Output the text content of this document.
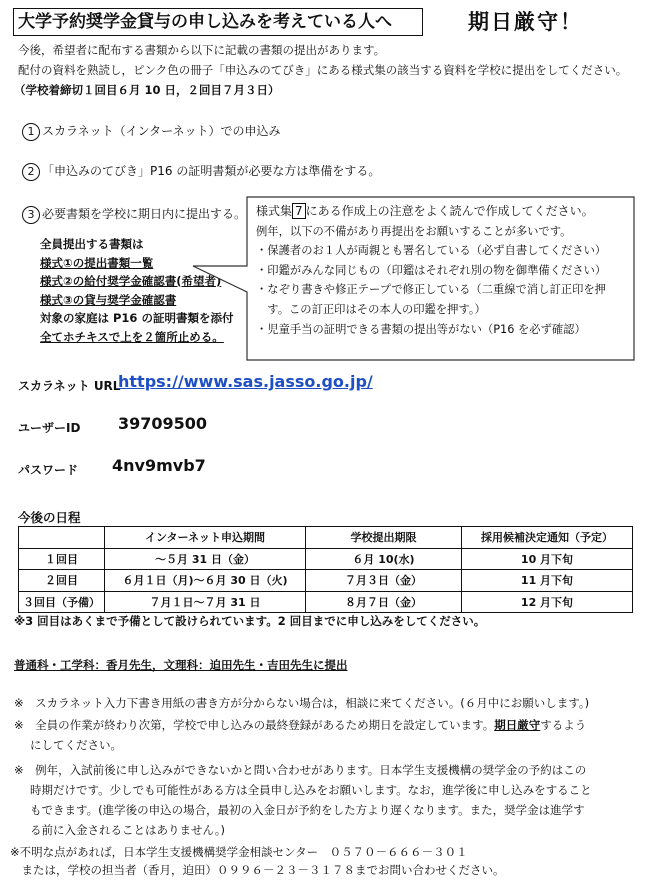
大学予約奨学金貸与の申し込みを考えている人へ	期日厳守！
今後，希望者に配布する書類から以下に記載の書類の提出があります。
配付の資料を熟読し，ピンク色の冊子「申込みのてびき」にある様式集の該当する資料を学校に提出をしてください。
（学校着締切１回目６月 10 日，２回目７月３日）
1 スカラネット（インターネット）での申込み
2 「申込みのてびき」P16 の証明書類が必要な方は準備をする。
3 必要書類を学校に期日内に提出する。
全員提出する書類は
様式①の提出書類一覧
様式②の給付奨学金確認書(希望者)
様式③の貸与奨学金確認書
対象の家庭は P16 の証明書類を添付
全てホチキスで上を２箇所止める。
様式集 7 にある作成上の注意をよく読んで作成してください。
例年，以下の不備があり再提出をお願いすることが多いです。
・保護者のお１人が両親とも署名している（必ず自書してください）
・印鑑がみんな同じもの（印鑑はそれぞれ別の物を御準備ください）
・なぞり書きや修正テープで修正している（二重線で消し訂正印を押
　す。この訂正印はその本人の印鑑を押す。）
・児童手当の証明できる書類の提出等がない（P16 を必ず確認）
スカラネット URL
https://www.sas.jasso.go.jp/
ユーザーID 39709500
パスワード 4nv9mvb7
今後の日程
	インターネット申込期間	学校提出期限	採用候補決定通知（予定）
１回目	～５月 31 日（金）	６月 10(水)	10 月下旬
２回目	６月１日（月)～６月 30 日（火)	７月３日（金）	11 月下旬
３回目（予備）	７月１日～７月 31 日	８月７日（金）	12 月下旬
※3 回目はあくまで予備として設けられています。2 回目までに申し込みをしてください。
普通科・工学科：香月先生，文理科：迫田先生・吉田先生に提出
※　スカラネット入力下書き用紙の書き方が分からない場合は，相談に来てください。(６月中にお願いします。)
※　全員の作業が終わり次第，学校で申し込みの最終登録があるため期日を設定しています。期日厳守するよう
にしてください。
※　例年，入試前後に申し込みができないかと問い合わせがあります。日本学生支援機構の奨学金の予約はこの
時期だけです。少しでも可能性がある方は全員申し込みをお願いします。なお，進学後に申し込みをすること
もできます。(進学後の申込の場合，最初の入金日が予約をした方より遅くなります。また，奨学金は進学す
る前に入金されることはありません。)
※不明な点があれば，日本学生支援機構奨学金相談センター　０５７０－６６６－３０１
　または，学校の担当者（香月，迫田）０９９６－２３－３１７８までお問い合わせください。
